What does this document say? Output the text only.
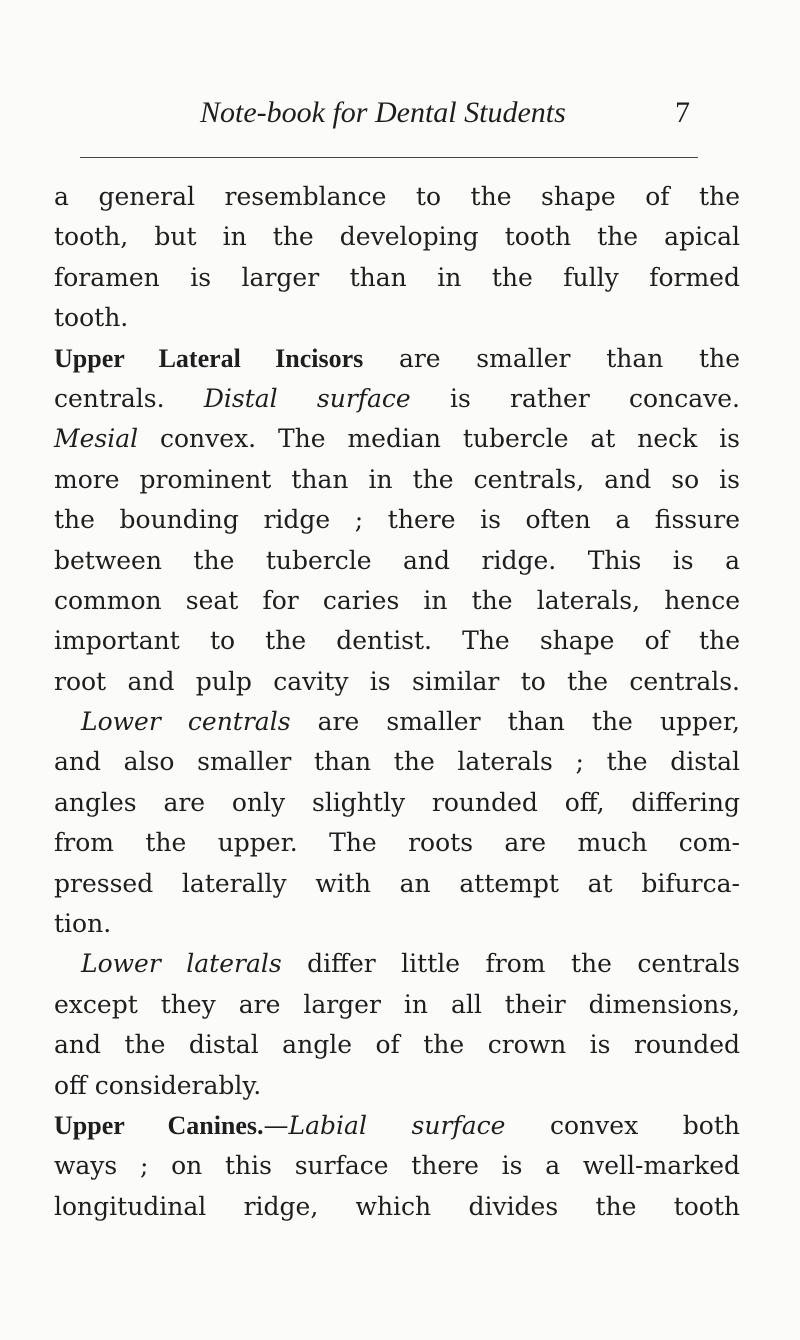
Note-book for Dental Students	7
a general resemblance to the shape of the
tooth, but in the developing tooth the apical
foramen is larger than in the fully formed
tooth.
Upper Lateral Incisors are smaller than the
centrals. Distal surface is rather concave.
Mesial convex. The median tubercle at neck is
more prominent than in the centrals, and so is
the bounding ridge ; there is often a fissure
between the tubercle and ridge. This is a
common seat for caries in the laterals, hence
important to the dentist. The shape of the
root and pulp cavity is similar to the centrals.
Lower centrals are smaller than the upper,
and also smaller than the laterals ; the distal
angles are only slightly rounded off, differing
from the upper. The roots are much com-
pressed laterally with an attempt at bifurca-
tion.
Lower laterals differ little from the centrals
except they are larger in all their dimensions,
and the distal angle of the crown is rounded
off considerably.
Upper Canines.—Labial surface convex both
ways ; on this surface there is a well-marked
longitudinal ridge, which divides the tooth
